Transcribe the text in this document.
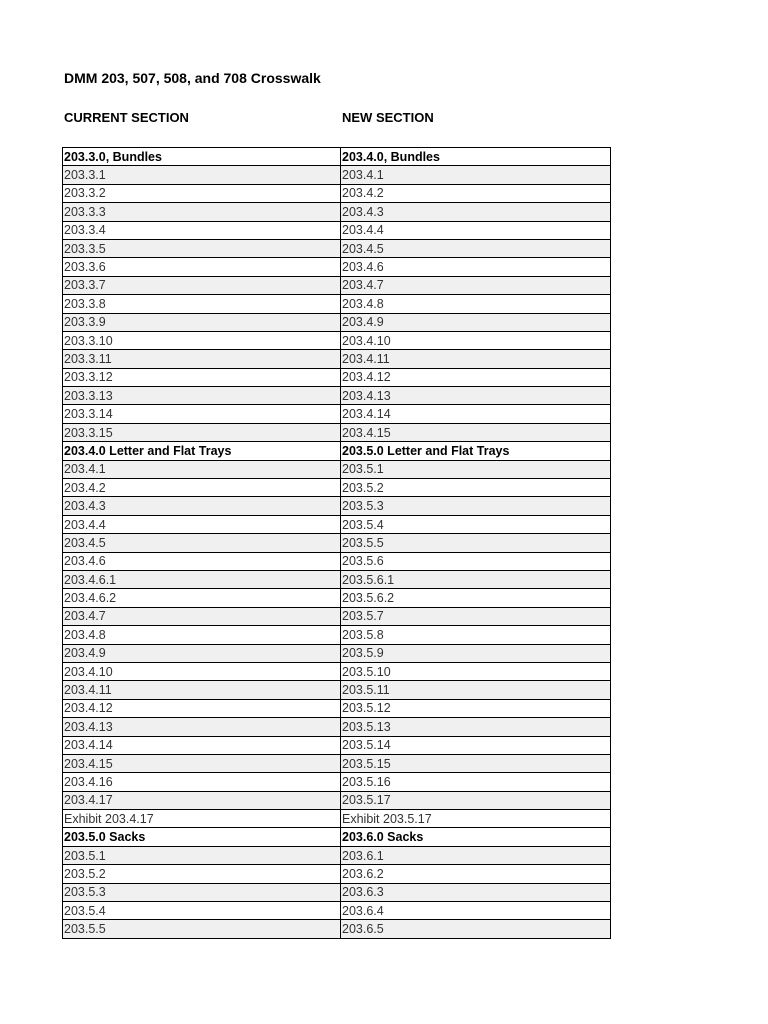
DMM 203, 507, 508, and 708 Crosswalk
CURRENT SECTION	NEW SECTION
203.3.0, Bundles	203.4.0, Bundles
203.3.1	203.4.1
203.3.2	203.4.2
203.3.3	203.4.3
203.3.4	203.4.4
203.3.5	203.4.5
203.3.6	203.4.6
203.3.7	203.4.7
203.3.8	203.4.8
203.3.9	203.4.9
203.3.10	203.4.10
203.3.11	203.4.11
203.3.12	203.4.12
203.3.13	203.4.13
203.3.14	203.4.14
203.3.15	203.4.15
203.4.0 Letter and Flat Trays	203.5.0 Letter and Flat Trays
203.4.1	203.5.1
203.4.2	203.5.2
203.4.3	203.5.3
203.4.4	203.5.4
203.4.5	203.5.5
203.4.6	203.5.6
203.4.6.1	203.5.6.1
203.4.6.2	203.5.6.2
203.4.7	203.5.7
203.4.8	203.5.8
203.4.9	203.5.9
203.4.10	203.5.10
203.4.11	203.5.11
203.4.12	203.5.12
203.4.13	203.5.13
203.4.14	203.5.14
203.4.15	203.5.15
203.4.16	203.5.16
203.4.17	203.5.17
Exhibit 203.4.17	Exhibit 203.5.17
203.5.0 Sacks	203.6.0 Sacks
203.5.1	203.6.1
203.5.2	203.6.2
203.5.3	203.6.3
203.5.4	203.6.4
203.5.5	203.6.5
